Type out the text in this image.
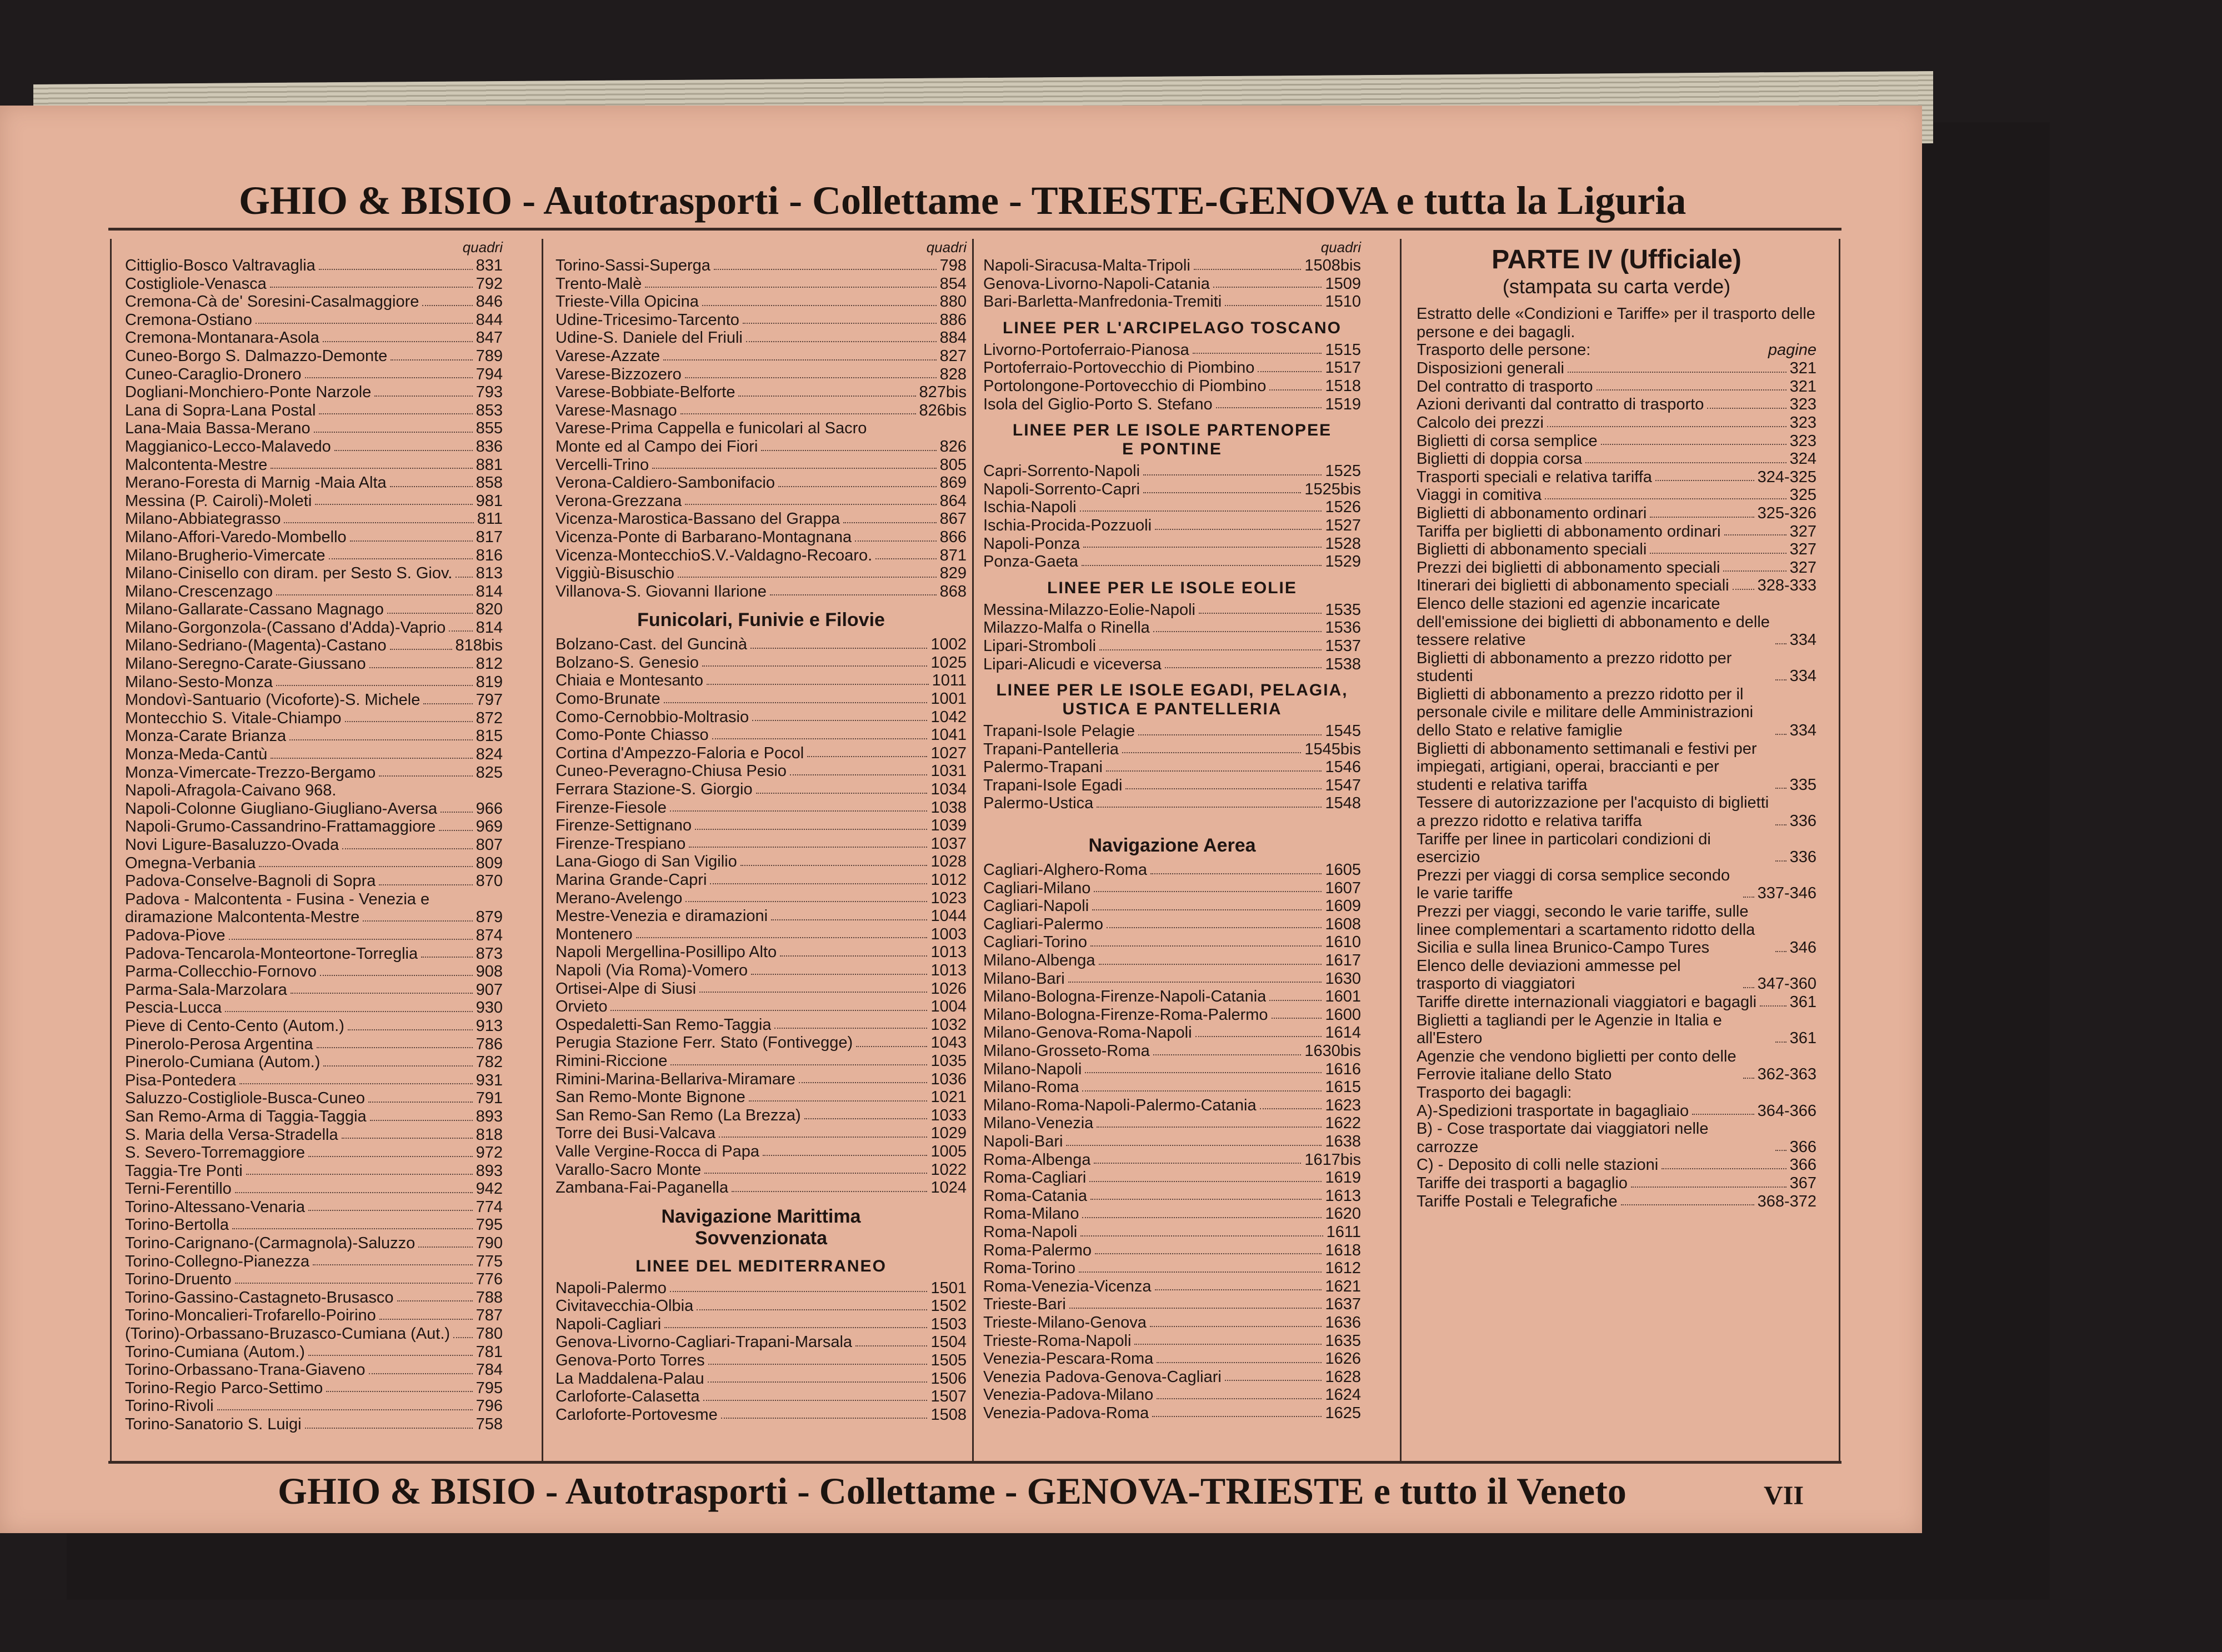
GHIO & BISIO - Autotrasporti - Collettame - TRIESTE-GENOVA e tutta la Liguria
quadri
Cittiglio-Bosco Valtravaglia	831
Costigliole-Venasca	792
Cremona-Cà de' Soresini-Casalmaggiore	846
Cremona-Ostiano	844
Cremona-Montanara-Asola	847
Cuneo-Borgo S. Dalmazzo-Demonte	789
Cuneo-Caraglio-Dronero	794
Dogliani-Monchiero-Ponte Narzole	793
Lana di Sopra-Lana Postal	853
Lana-Maia Bassa-Merano	855
Maggianico-Lecco-Malavedo	836
Malcontenta-Mestre	881
Merano-Foresta di Marnig -Maia Alta	858
Messina (P. Cairoli)-Moleti	981
Milano-Abbiategrasso	811
Milano-Affori-Varedo-Mombello	817
Milano-Brugherio-Vimercate	816
Milano-Cinisello con diram. per Sesto S. Giov. 813
Milano-Crescenzago	814
Milano-Gallarate-Cassano Magnago	820
Milano-Gorgonzola-(Cassano d'Adda)-Vaprio 814
Milano-Sedriano-(Magenta)-Castano	818bis
Milano-Seregno-Carate-Giussano	812
Milano-Sesto-Monza	819
Mondovì-Santuario (Vicoforte)-S. Michele	797
Montecchio S. Vitale-Chiampo	872
Monza-Carate Brianza	815
Monza-Meda-Cantù	824
Monza-Vimercate-Trezzo-Bergamo	825
Napoli-Afragola-Caivano 968.
Napoli-Colonne Giugliano-Giugliano-Aversa 966
Napoli-Grumo-Cassandrino-Frattamaggiore 969
Novi Ligure-Basaluzzo-Ovada	807
Omegna-Verbania	809
Padova-Conselve-Bagnoli di Sopra	870
Padova - Malcontenta - Fusina - Venezia e
diramazione Malcontenta-Mestre	879
Padova-Piove	874
Padova-Tencarola-Monteortone-Torreglia	873
Parma-Collecchio-Fornovo	908
Parma-Sala-Marzolara	907
Pescia-Lucca	930
Pieve di Cento-Cento (Autom.)	913
Pinerolo-Perosa Argentina	786
Pinerolo-Cumiana (Autom.)	782
Pisa-Pontedera	931
Saluzzo-Costigliole-Busca-Cuneo	791
San Remo-Arma di Taggia-Taggia	893
S. Maria della Versa-Stradella	818
S. Severo-Torremaggiore	972
Taggia-Tre Ponti	893
Terni-Ferentillo	942
Torino-Altessano-Venaria	774
Torino-Bertolla	795
Torino-Carignano-(Carmagnola)-Saluzzo	790
Torino-Collegno-Pianezza	775
Torino-Druento	776
Torino-Gassino-Castagneto-Brusasco	788
Torino-Moncalieri-Trofarello-Poirino	787
(Torino)-Orbassano-Bruzasco-Cumiana (Aut.) 780
Torino-Cumiana (Autom.)	781
Torino-Orbassano-Trana-Giaveno	784
Torino-Regio Parco-Settimo	795
Torino-Rivoli	796
Torino-Sanatorio S. Luigi	758
quadri
Torino-Sassi-Superga	798
Trento-Malè	854
Trieste-Villa Opicina	880
Udine-Tricesimo-Tarcento	886
Udine-S. Daniele del Friuli	884
Varese-Azzate	827
Varese-Bizzozero	828
Varese-Bobbiate-Belforte	827bis
Varese-Masnago	826bis
Varese-Prima Cappella e funicolari al Sacro
Monte ed al Campo dei Fiori	826
Vercelli-Trino	805
Verona-Caldiero-Sambonifacio	869
Verona-Grezzana	864
Vicenza-Marostica-Bassano del Grappa	867
Vicenza-Ponte di Barbarano-Montagnana	866
Vicenza-MontecchioS.V.-Valdagno-Recoaro.	871
Viggiù-Bisuschio	829
Villanova-S. Giovanni Ilarione	868
Funicolari, Funivie e Filovie
Bolzano-Cast. del Guncinà	1002
Bolzano-S. Genesio	1025
Chiaia e Montesanto	1011
Como-Brunate	1001
Como-Cernobbio-Moltrasio	1042
Como-Ponte Chiasso	1041
Cortina d'Ampezzo-Faloria e Pocol	1027
Cuneo-Peveragno-Chiusa Pesio	1031
Ferrara Stazione-S. Giorgio	1034
Firenze-Fiesole	1038
Firenze-Settignano	1039
Firenze-Trespiano	1037
Lana-Giogo di San Vigilio	1028
Marina Grande-Capri	1012
Merano-Avelengo	1023
Mestre-Venezia e diramazioni	1044
Montenero	1003
Napoli Mergellina-Posillipo Alto	1013
Napoli (Via Roma)-Vomero	1013
Ortisei-Alpe di Siusi	1026
Orvieto	1004
Ospedaletti-San Remo-Taggia	1032
Perugia Stazione Ferr. Stato (Fontivegge)	1043
Rimini-Riccione	1035
Rimini-Marina-Bellariva-Miramare	1036
San Remo-Monte Bignone	1021
San Remo-San Remo (La Brezza)	1033
Torre dei Busi-Valcava	1029
Valle Vergine-Rocca di Papa	1005
Varallo-Sacro Monte	1022
Zambana-Fai-Paganella	1024
Navigazione Marittima
Sovvenzionata
LINEE DEL MEDITERRANEO
Napoli-Palermo	1501
Civitavecchia-Olbia	1502
Napoli-Cagliari	1503
Genova-Livorno-Cagliari-Trapani-Marsala	1504
Genova-Porto Torres	1505
La Maddalena-Palau	1506
Carloforte-Calasetta	1507
Carloforte-Portovesme	1508
quadri
Napoli-Siracusa-Malta-Tripoli	1508bis
Genova-Livorno-Napoli-Catania	1509
Bari-Barletta-Manfredonia-Tremiti	1510
LINEE PER L'ARCIPELAGO TOSCANO
Livorno-Portoferraio-Pianosa	1515
Portoferraio-Portovecchio di Piombino	1517
Portolongone-Portovecchio di Piombino	1518
Isola del Giglio-Porto S. Stefano	1519
LINEE PER LE ISOLE PARTENOPEE
E PONTINE
Capri-Sorrento-Napoli	1525
Napoli-Sorrento-Capri	1525bis
Ischia-Napoli	1526
Ischia-Procida-Pozzuoli	1527
Napoli-Ponza	1528
Ponza-Gaeta	1529
LINEE PER LE ISOLE EOLIE
Messina-Milazzo-Eolie-Napoli	1535
Milazzo-Malfa o Rinella	1536
Lipari-Stromboli	1537
Lipari-Alicudi e viceversa	1538
LINEE PER LE ISOLE EGADI, PELAGIA,
USTICA E PANTELLERIA
Trapani-Isole Pelagie	1545
Trapani-Pantelleria	1545bis
Palermo-Trapani	1546
Trapani-Isole Egadi	1547
Palermo-Ustica	1548
Navigazione Aerea
Cagliari-Alghero-Roma	1605
Cagliari-Milano	1607
Cagliari-Napoli	1609
Cagliari-Palermo	1608
Cagliari-Torino	1610
Milano-Albenga	1617
Milano-Bari	1630
Milano-Bologna-Firenze-Napoli-Catania	1601
Milano-Bologna-Firenze-Roma-Palermo	1600
Milano-Genova-Roma-Napoli	1614
Milano-Grosseto-Roma	1630bis
Milano-Napoli	1616
Milano-Roma	1615
Milano-Roma-Napoli-Palermo-Catania	1623
Milano-Venezia	1622
Napoli-Bari	1638
Roma-Albenga	1617bis
Roma-Cagliari	1619
Roma-Catania	1613
Roma-Milano	1620
Roma-Napoli	1611
Roma-Palermo	1618
Roma-Torino	1612
Roma-Venezia-Vicenza	1621
Trieste-Bari	1637
Trieste-Milano-Genova	1636
Trieste-Roma-Napoli	1635
Venezia-Pescara-Roma	1626
Venezia Padova-Genova-Cagliari	1628
Venezia-Padova-Milano	1624
Venezia-Padova-Roma	1625
PARTE IV (Ufficiale)
(stampata su carta verde)
Estratto delle «Condizioni e Tariffe» per il trasporto delle persone e dei bagagli.
Trasporto delle persone:	pagine
Disposizioni generali	321
Del contratto di trasporto	321
Azioni derivanti dal contratto di trasporto	323
Calcolo dei prezzi	323
Biglietti di corsa semplice	323
Biglietti di doppia corsa	324
Trasporti speciali e relativa tariffa	324-325
Viaggi in comitiva	325
Biglietti di abbonamento ordinari	325-326
Tariffa per biglietti di abbonamento ordinari	327
Biglietti di abbonamento speciali	327
Prezzi dei biglietti di abbonamento speciali	327
Itinerari dei biglietti di abbonamento speciali 328-333
Elenco delle stazioni ed agenzie incaricate dell'emissione dei biglietti di abbonamento e delle tessere relative	334
Biglietti di abbonamento a prezzo ridotto per studenti	334
Biglietti di abbonamento a prezzo ridotto per il personale civile e militare delle Amministrazioni dello Stato e relative famiglie	334
Biglietti di abbonamento settimanali e festivi per impiegati, artigiani, operai, braccianti e per studenti e relativa tariffa	335
Tessere di autorizzazione per l'acquisto di biglietti a prezzo ridotto e relativa tariffa	336
Tariffe per linee in particolari condizioni di esercizio	336
Prezzi per viaggi di corsa semplice secondo le varie tariffe	337-346
Prezzi per viaggi, secondo le varie tariffe, sulle linee complementari a scartamento ridotto della Sicilia e sulla linea Brunico-Campo Tures	346
Elenco delle deviazioni ammesse pel trasporto di viaggiatori	347-360
Tariffe dirette internazionali viaggiatori e bagagli 361
Biglietti a tagliandi per le Agenzie in Italia e all'Estero	361
Agenzie che vendono biglietti per conto delle Ferrovie italiane dello Stato	362-363
Trasporto dei bagagli:
A)-Spedizioni trasportate in bagagliaio	364-366
B) - Cose trasportate dai viaggiatori nelle carrozze	366
C) - Deposito di colli nelle stazioni	366
Tariffe dei trasporti a bagaglio	367
Tariffe Postali e Telegrafiche	368-372
GHIO & BISIO - Autotrasporti - Collettame - GENOVA-TRIESTE e tutto il Veneto	VII
